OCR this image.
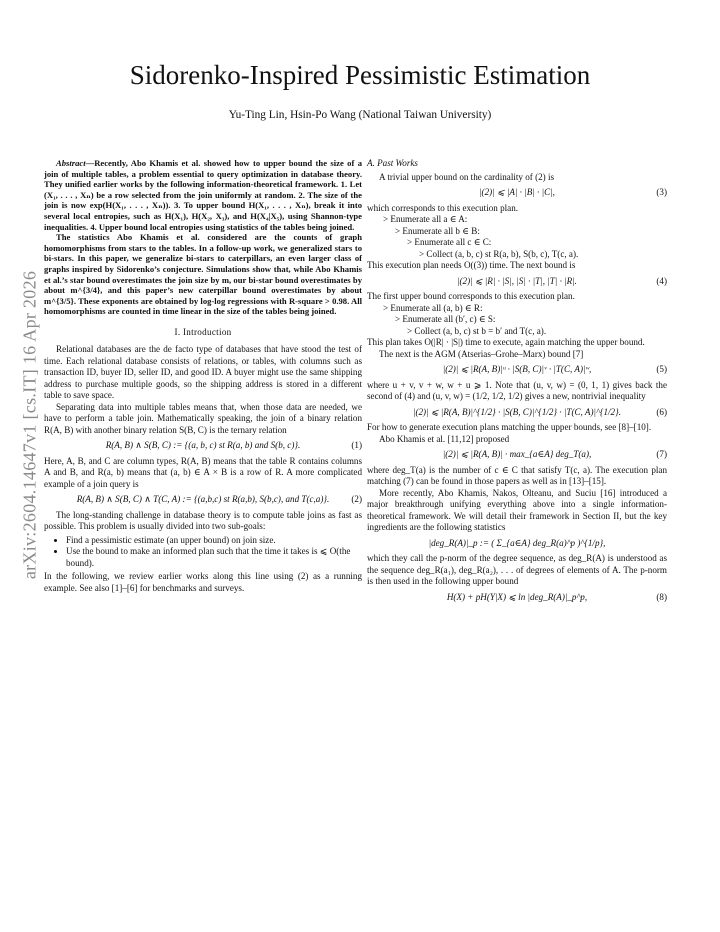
arXiv:2604.14647v1 [cs.IT] 16 Apr 2026
Sidorenko-Inspired Pessimistic Estimation
Yu-Ting Lin, Hsin-Po Wang (National Taiwan University)

Abstract—Recently, Abo Khamis et al. showed how to upper bound the size of a join of multiple tables, a problem essential to query optimization in database theory. They unified earlier works by the following information-theoretical framework. 1. Let (X₁, . . . , Xₙ) be a row selected from the join uniformly at random. 2. The size of the join is now exp(H(X₁, . . . , Xₙ)). 3. To upper bound H(X₁, . . . , Xₙ), break it into several local entropies, such as H(X₁), H(X₂, X₃), and H(X₄|X₅), using Shannon-type inequalities. 4. Upper bound local entropies using statistics of the tables being joined.

The statistics Abo Khamis et al. considered are the counts of graph homomorphisms from stars to the tables. In a follow-up work, we generalized stars to bi-stars. In this paper, we generalize bi-stars to caterpillars, an even larger class of graphs inspired by Sidorenko’s conjecture. Simulations show that, while Abo Khamis et al.’s star bound overestimates the join size by m, our bi-star bound overestimates by about m^{3/4}, and this paper’s new caterpillar bound overestimates by about m^{3/5}. These exponents are obtained by log-log regressions with R-square > 0.98. All homomorphisms are counted in time linear in the size of the tables being joined.

I. Introduction

Relational databases are the de facto type of databases that have stood the test of time. Each relational database consists of relations, or tables, with columns such as transaction ID, buyer ID, seller ID, and good ID. A buyer might use the same shipping address to purchase multiple goods, so the shipping address is stored in a different table to save space.

Separating data into multiple tables means that, when those data are needed, we have to perform a table join. Mathematically speaking, the join of a binary relation R(A, B) with another binary relation S(B, C) is the ternary relation

R(A, B) ∧ S(B, C) := {(a, b, c) st R(a, b) and S(b, c)}.	(1)

Here, A, B, and C are column types, R(A, B) means that the table R contains columns A and B, and R(a, b) means that (a, b) ∈ A × B is a row of R. A more complicated example of a join query is

R(A, B) ∧ S(B, C) ∧ T(C, A) := {(a,b,c) st R(a,b), S(b,c), and T(c,a)}. (2)

The long-standing challenge in database theory is to compute table joins as fast as possible. This problem is usually divided into two sub-goals:

• Find a pessimistic estimate (an upper bound) on join size.
• Use the bound to make an informed plan such that the time it takes is ⩽ O(the bound).

In the following, we review earlier works along this line using (2) as a running example. See also [1]–[6] for benchmarks and surveys.

A. Past Works

A trivial upper bound on the cardinality of (2) is

|(2)| ⩽ |A| · |B| · |C|,	(3)

which corresponds to this execution plan.

> Enumerate all a ∈ A:

> Enumerate all b ∈ B:

> Enumerate all c ∈ C:

> Collect (a, b, c) st R(a, b), S(b, c), T(c, a).

This execution plan needs O((3)) time. The next bound is

|(2)| ⩽ |R| · |S|, |S| · |T|, |T| · |R|.	(4)

The first upper bound corresponds to this execution plan.

> Enumerate all (a, b) ∈ R:

> Enumerate all (b′, c) ∈ S:

> Collect (a, b, c) st b = b′ and T(c, a).

This plan takes O(|R| · |S|) time to execute, again matching the upper bound.

The next is the AGM (Atserias–Grohe–Marx) bound [7]

|(2)| ⩽ |R(A, B)|ᵘ · |S(B, C)|ᵛ · |T(C, A)|ʷ,	(5)

where u + v, v + w, w + u ⩾ 1. Note that (u, v, w) = (0, 1, 1) gives back the second of (4) and (u, v, w) = (1/2, 1/2, 1/2) gives a new, nontrivial inequality

|(2)| ⩽ |R(A, B)|^{1/2} · |S(B, C)|^{1/2} · |T(C, A)|^{1/2}.	(6)

For how to generate execution plans matching the upper bounds, see [8]–[10].

Abo Khamis et al. [11,12] proposed

|(2)| ⩽ |R(A, B)| · max_{a∈A} deg_T(a),	(7)

where deg_T(a) is the number of c ∈ C that satisfy T(c, a). The execution plan matching (7) can be found in those papers as well as in [13]–[15].

More recently, Abo Khamis, Nakos, Olteanu, and Suciu [16] introduced a major breakthrough unifying everything above into a single information-theoretical framework. We will detail their framework in Section II, but the key ingredients are the following statistics

|deg_R(A)|_p := ( Σ_{a∈A} deg_R(a)^p )^{1/p},

which they call the p-norm of the degree sequence, as deg_R(A) is understood as the sequence deg_R(a₁), deg_R(a₂), . . . of degrees of elements of A. The p-norm is then used in the following upper bound

H(X) + pH(Y|X) ⩽ ln |deg_R(A)|_p^p,	(8)
